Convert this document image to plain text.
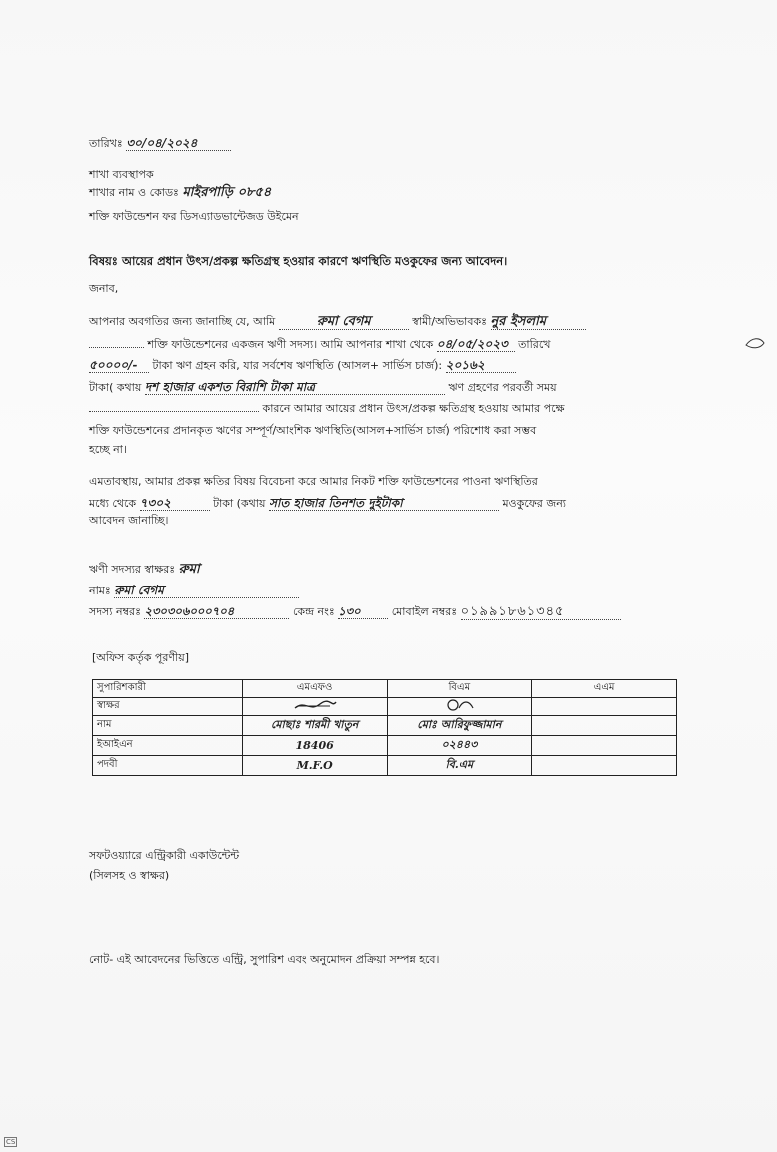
তারিখঃ ৩০/০৪/২০২৪
শাখা ব্যবস্থাপক
শাখার নাম ও কোডঃ মাইরপাড়ি ০৮৫৪
শক্তি ফাউন্ডেশন ফর ডিসএ্যাডভান্টেজড উইমেন
বিষয়ঃ আয়ের প্রধান উৎস/প্রকল্প ক্ষতিগ্রস্থ হওয়ার কারণে ঋণস্থিতি মওকুফের জন্য আবেদন।
জনাব,
আপনার অবগতির জন্য জানাচ্ছি যে, আমি	রুমা বেগম	স্বামী/অভিভাবকঃ নুর ইসলাম
শক্তি ফাউন্ডেশনের একজন ঋণী সদস্য। আমি আপনার শাখা থেকে ০৪/০৫/২০২৩ তারিখে
৫০০০০/- টাকা ঋণ গ্রহন করি, যার সর্বশেষ ঋণস্থিতি (আসল+ সার্ভিস চার্জ): ২০১৬২
টাকা( কথায় দশ হাজার একশত বিরাশি টাকা মাত্র	ঋণ গ্রহণের পরবর্তী সময়
কারনে আমার আয়ের প্রধান উৎস/প্রকল্প ক্ষতিগ্রস্থ হওয়ায় আমার পক্ষে
শক্তি ফাউন্ডেশনের প্রদানকৃত ঋণের সম্পূর্ণ/আংশিক ঋণস্থিতি(আসল+সার্ভিস চার্জ) পরিশোধ করা সম্ভব
হচ্ছে না।
এমতাবস্থায়, আমার প্রকল্প ক্ষতির বিষয় বিবেচনা করে আমার নিকট শক্তি ফাউন্ডেশনের পাওনা ঋণস্থিতির
মধ্যে থেকে ৭৩০২	টাকা (কথায় সাত হাজার তিনশত দুইটাকা	মওকুফের জন্য
আবেদন জানাচ্ছি।
ঋণী সদস্যর স্বাক্ষরঃ রুমা
নামঃ রুমা বেগম
সদস্য নম্বরঃ ২৩০৩০৬০০০৭০৪	কেন্দ্র নংঃ ১৩০	মোবাইল নম্বরঃ ০১৯৯১৮৬১৩৪৫
[অফিস কর্তৃক পূরণীয়]
সুপারিশকারী	এমএফও	বিএম	এএম
স্বাক্ষর			
নাম	মোছাঃ শারমী খাতুন	মোঃ আরিফুজ্জামান	
ইআইএন	18406	০২৪৪৩	
পদবী	M.F.O	বি.এম	
সফটওয়্যারে এন্ট্রিকারী একাউন্টেন্ট
(সিলসহ ও স্বাক্ষর)
নোট- এই আবেদনের ভিত্তিতে এন্ট্রি, সুপারিশ এবং অনুমোদন প্রক্রিয়া সম্পন্ন হবে।
CS
